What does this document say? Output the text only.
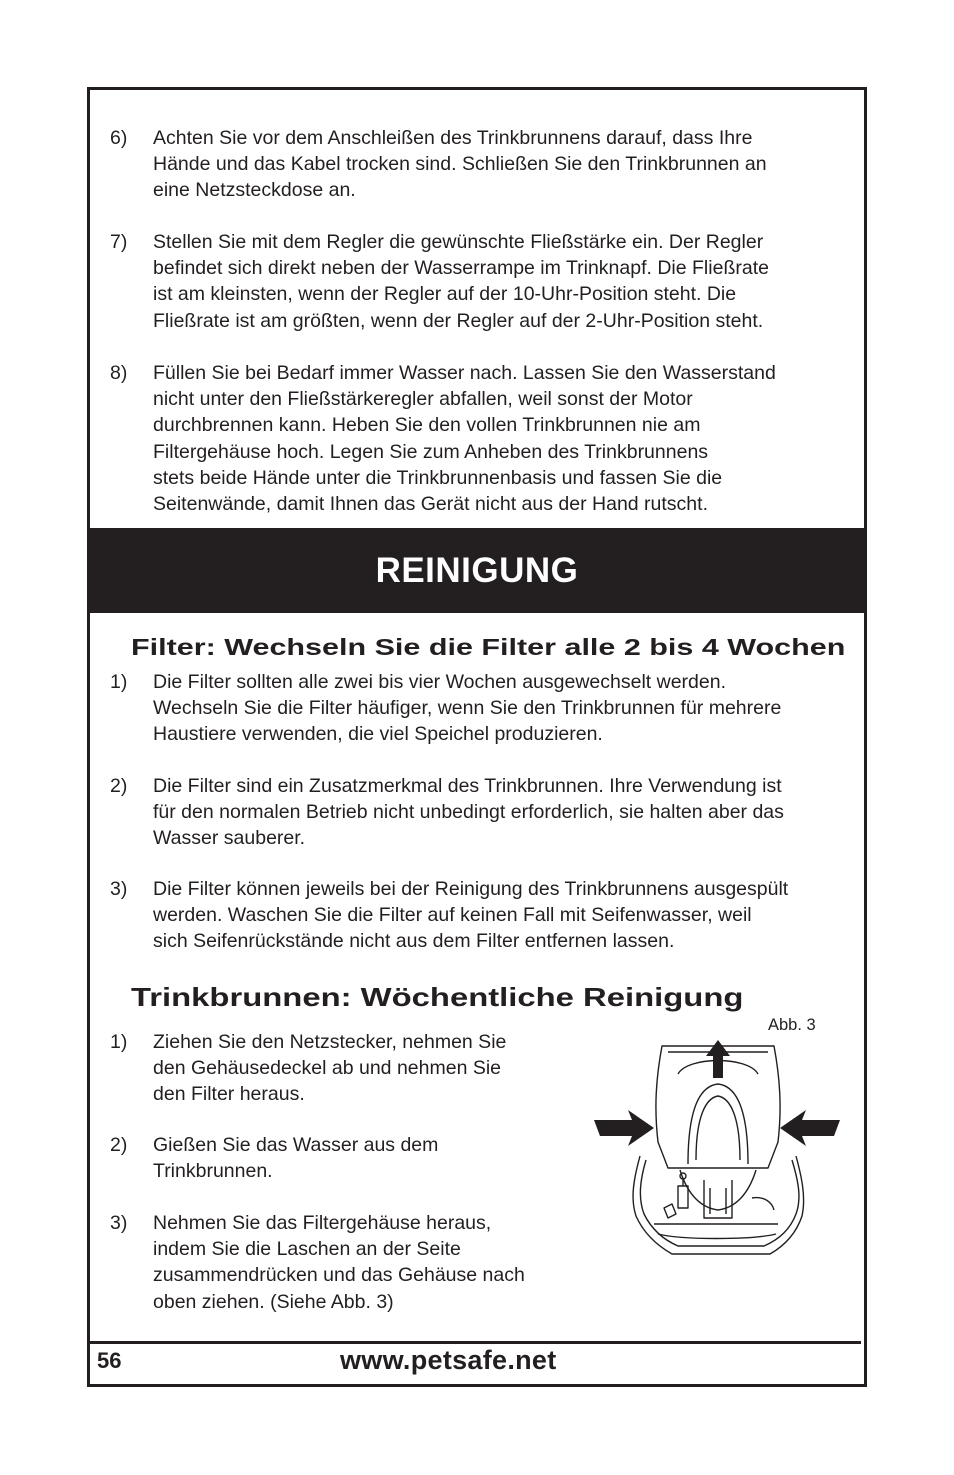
6) Achten Sie vor dem Anschleißen des Trinkbrunnens darauf, dass Ihre
Hände und das Kabel trocken sind. Schließen Sie den Trinkbrunnen an
eine Netzsteckdose an.
7) Stellen Sie mit dem Regler die gewünschte Fließstärke ein. Der Regler
befindet sich direkt neben der Wasserrampe im Trinknapf. Die Fließrate
ist am kleinsten, wenn der Regler auf der 10-Uhr-Position steht. Die
Fließrate ist am größten, wenn der Regler auf der 2-Uhr-Position steht.
8) Füllen Sie bei Bedarf immer Wasser nach. Lassen Sie den Wasserstand
nicht unter den Fließstärkeregler abfallen, weil sonst der Motor
durchbrennen kann. Heben Sie den vollen Trinkbrunnen nie am
Filtergehäuse hoch. Legen Sie zum Anheben des Trinkbrunnens
stets beide Hände unter die Trinkbrunnenbasis und fassen Sie die
Seitenwände, damit Ihnen das Gerät nicht aus der Hand rutscht.
REINIGUNG
Filter: Wechseln Sie die Filter alle 2 bis 4 Wochen
1) Die Filter sollten alle zwei bis vier Wochen ausgewechselt werden.
Wechseln Sie die Filter häufiger, wenn Sie den Trinkbrunnen für mehrere
Haustiere verwenden, die viel Speichel produzieren.
2) Die Filter sind ein Zusatzmerkmal des Trinkbrunnen. Ihre Verwendung ist
für den normalen Betrieb nicht unbedingt erforderlich, sie halten aber das
Wasser sauberer.
3) Die Filter können jeweils bei der Reinigung des Trinkbrunnens ausgespült
werden. Waschen Sie die Filter auf keinen Fall mit Seifenwasser, weil
sich Seifenrückstände nicht aus dem Filter entfernen lassen.
Trinkbrunnen: Wöchentliche Reinigung
1) Ziehen Sie den Netzstecker, nehmen Sie
den Gehäusedeckel ab und nehmen Sie
den Filter heraus.
2) Gießen Sie das Wasser aus dem
Trinkbrunnen.
3) Nehmen Sie das Filtergehäuse heraus,
indem Sie die Laschen an der Seite
zusammendrücken und das Gehäuse nach
oben ziehen. (Siehe Abb. 3)
Abb. 3
56	www.petsafe.net
